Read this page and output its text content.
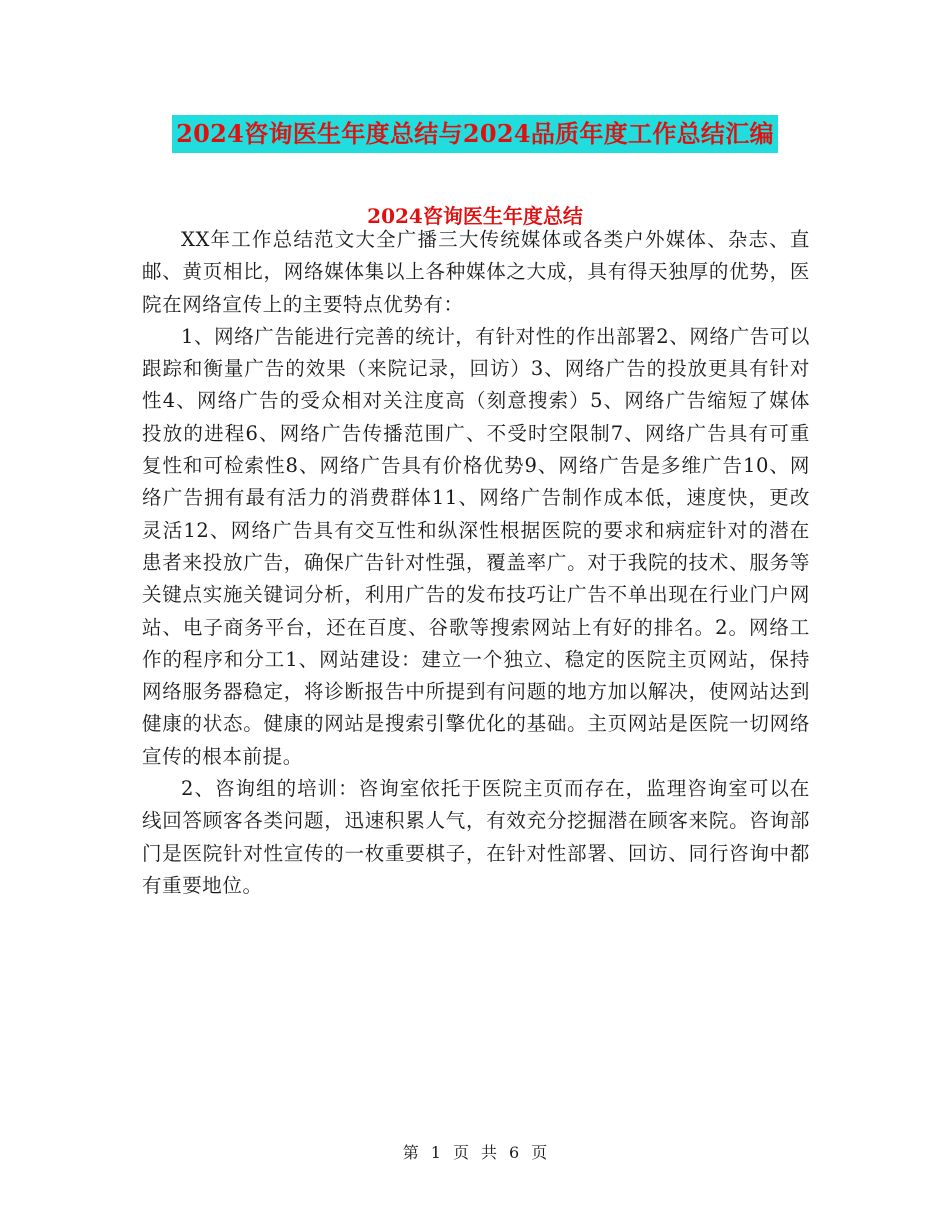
2024咨询医生年度总结与2024品质年度工作总结汇编
2024咨询医生年度总结

XX年工作总结范文大全广播三大传统媒体或各类户外媒体、杂志、直邮、黄页相比，网络媒体集以上各种媒体之大成，具有得天独厚的优势，医院在网络宣传上的主要特点优势有：

1、网络广告能进行完善的统计，有针对性的作出部署2、网络广告可以跟踪和衡量广告的效果（来院记录，回访）3、网络广告的投放更具有针对性4、网络广告的受众相对关注度高（刻意搜索）5、网络广告缩短了媒体投放的进程6、网络广告传播范围广、不受时空限制7、网络广告具有可重复性和可检索性8、网络广告具有价格优势9、网络广告是多维广告10、网络广告拥有最有活力的消费群体11、网络广告制作成本低，速度快，更改灵活12、网络广告具有交互性和纵深性根据医院的要求和病症针对的潜在患者来投放广告，确保广告针对性强，覆盖率广。对于我院的技术、服务等关键点实施关键词分析，利用广告的发布技巧让广告不单出现在行业门户网站、电子商务平台，还在百度、谷歌等搜索网站上有好的排名。2。网络工作的程序和分工1、网站建设：建立一个独立、稳定的医院主页网站，保持网络服务器稳定，将诊断报告中所提到有问题的地方加以解决，使网站达到健康的状态。健康的网站是搜索引擎优化的基础。主页网站是医院一切网络宣传的根本前提。

2、咨询组的培训：咨询室依托于医院主页而存在，监理咨询室可以在线回答顾客各类问题，迅速积累人气，有效充分挖掘潜在顾客来院。咨询部门是医院针对性宣传的一枚重要棋子，在针对性部署、回访、同行咨询中都有重要地位。

第 1 页 共 6 页
